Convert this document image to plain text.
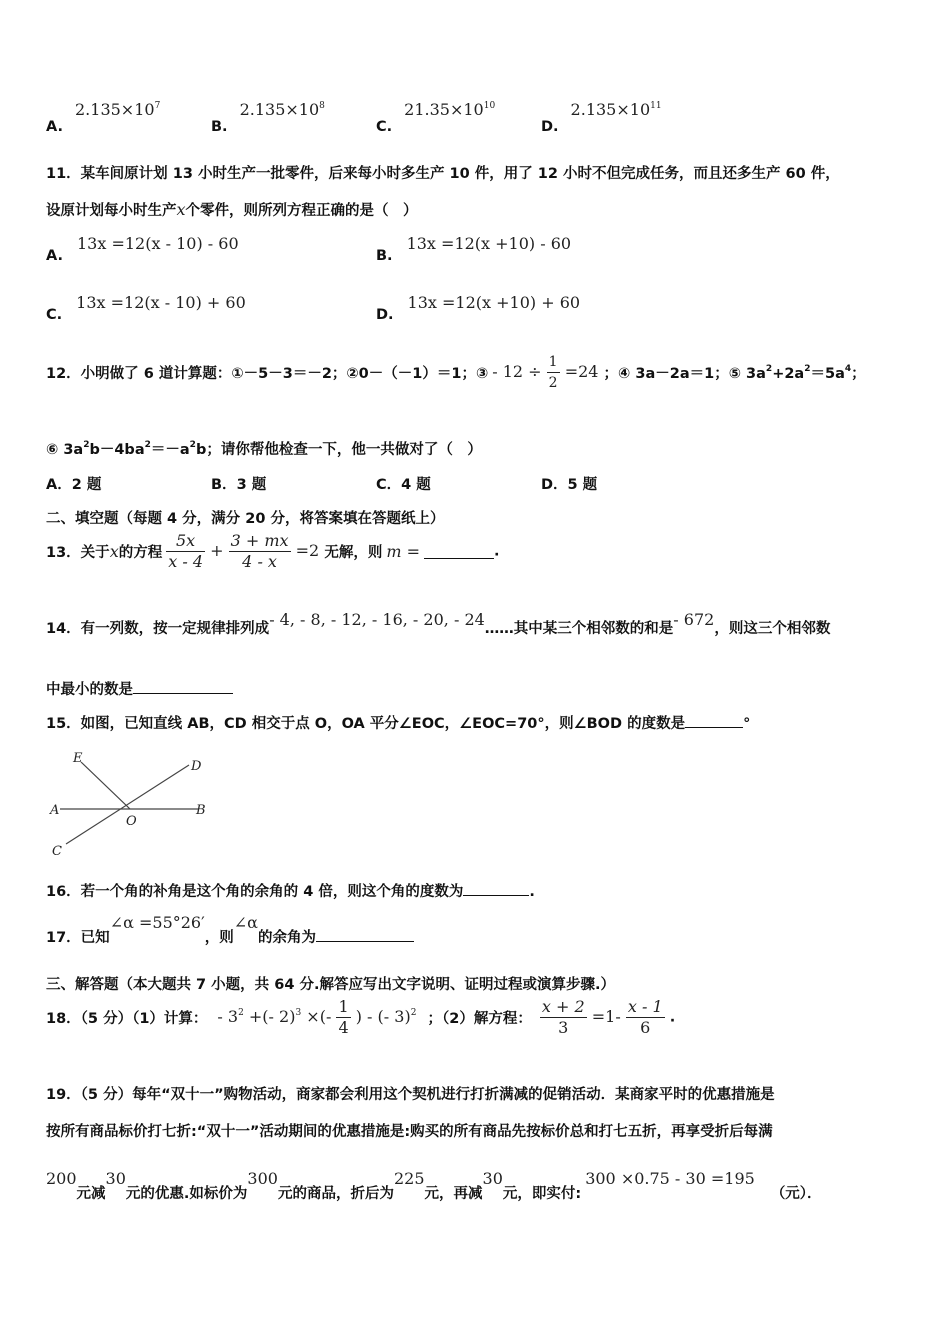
A. $2.135\times 10^7$
B. $2.135\times 10^8$
C. $21.35\times 10^{10}$
D. $2.135\times 10^{11}$
11．某车间原计划 13 小时生产一批零件，后来每小时多生产 10 件，用了 12 小时不但完成任务，而且还多生产 60 件，
设原计划每小时生产x个零件，则所列方程正确的是（　）
A. 13x =12(x - 10) - 60
B. 13x =12(x +10) - 60
C. 13x =12(x - 10) + 60
D. 13x =12(x +10) + 60
12．小明做了 6 道计算题：①－5－3＝－2；②0－（－1）＝1；③ - $12 \div \frac{1}{2} =24$ ；④ 3a－2a＝1；⑤ $3a^2+2a^2=5a^4$；
⑥ $3a^2b-4ba^2=-a^2b$；请你帮他检查一下，他一共做对了（　）
A．2 题	B．3 题	C．4 题	D．5 题
二、填空题（每题 4 分，满分 20 分，将答案填在答题纸上）
13．关于x的方程 $\frac{5x}{x - 4} + \frac{3 + mx}{4 - x} =2$ 无解，则 m =	.
14．有一列数，按一定规律排列成- 4, - 8, - 12, - 16, - 20, - 24……其中某三个相邻数的和是- 672，则这三个相邻数
中最小的数是
15．如图，已知直线 AB，CD 相交于点 O，OA 平分∠EOC，∠EOC=70°，则∠BOD 的度数是	°
E
D
A
O
B
C
16．若一个角的补角是这个角的余角的 4 倍，则这个角的度数为	.
17．已知∠α =55°26′，则∠α的余角为
三、解答题（本大题共 7 小题，共 64 分.解答应写出文字说明、证明过程或演算步骤.）
18．（5 分）（1）计算： - $3^2$ +(- 2)$^3$ ×(- $\frac{1}{4}$ ) - (- 3)$^2$ ；（2）解方程： $\frac{x + 2}{3} =1- \frac{x - 1}{6}$ .
19．（5 分）每年“双十一”购物活动，商家都会利用这个契机进行打折满减的促销活动．某商家平时的优惠措施是
按所有商品标价打七折:“双十一”活动期间的优惠措施是:购买的所有商品先按标价总和打七五折，再享受折后每满
200元减30元的优惠.如标价为300元的商品，折后为225元，再减30元，即实付:300 ×0.75 - 30 =195（元）．
